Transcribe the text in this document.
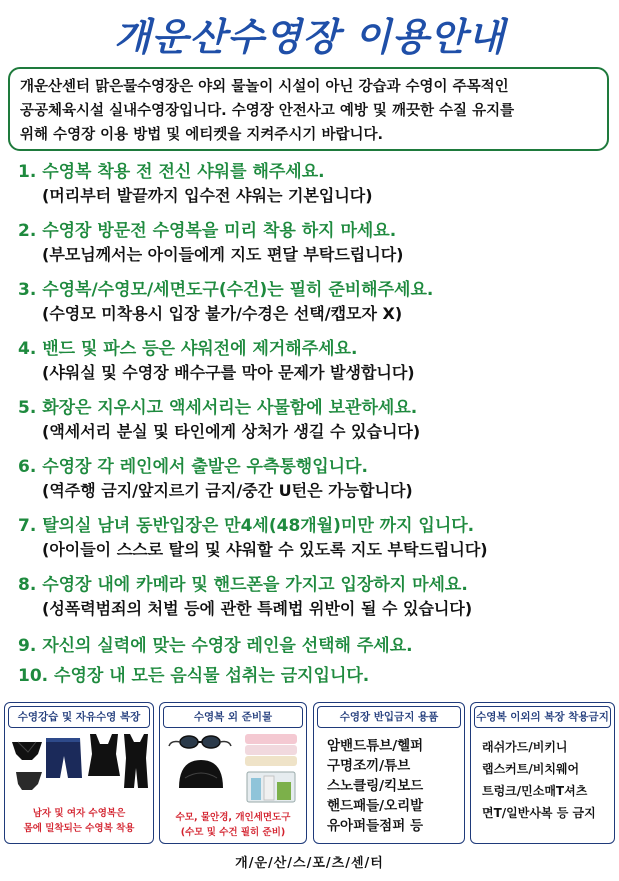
개운산수영장 이용안내
개운산센터 맑은물수영장은 야외 물놀이 시설이 아닌 강습과 수영이 주목적인
공공체육시설 실내수영장입니다. 수영장 안전사고 예방 및 깨끗한 수질 유지를
위해 수영장 이용 방법 및 에티켓을 지켜주시기 바랍니다.
1. 수영복 착용 전 전신 샤워를 해주세요.
(머리부터 발끝까지 입수전 샤워는 기본입니다)
2. 수영장 방문전 수영복을 미리 착용 하지 마세요.
(부모님께서는 아이들에게 지도 편달 부탁드립니다)
3. 수영복/수영모/세면도구(수건)는 필히 준비해주세요.
(수영모 미착용시 입장 불가/수경은 선택/캡모자 X)
4. 밴드 및 파스 등은 샤워전에 제거해주세요.
(샤워실 및 수영장 배수구를 막아 문제가 발생합니다)
5. 화장은 지우시고 액세서리는 사물함에 보관하세요.
(액세서리 분실 및 타인에게 상처가 생길 수 있습니다)
6. 수영장 각 레인에서 출발은 우측통행입니다.
(역주행 금지/앞지르기 금지/중간 U턴은 가능합니다)
7. 탈의실 남녀 동반입장은 만4세(48개월)미만 까지 입니다.
(아이들이 스스로 탈의 및 샤워할 수 있도록 지도 부탁드립니다)
8. 수영장 내에 카메라 및 핸드폰을 가지고 입장하지 마세요.
(성폭력범죄의 처벌 등에 관한 특례법 위반이 될 수 있습니다)
9. 자신의 실력에 맞는 수영장 레인을 선택해 주세요.
10. 수영장 내 모든 음식물 섭취는 금지입니다.
수영강습 및 자유수영 복장
남자 및 여자 수영복은
몸에 밀착되는 수영복 착용
수영복 외 준비물
수모, 물안경, 개인세면도구
(수모 및 수건 필히 준비)
수영장 반입금지 용품
암밴드튜브/헬퍼
구명조끼/튜브
스노클링/킥보드
핸드패들/오리발
유아퍼들점퍼 등
수영복 이외의 복장 착용금지
래쉬가드/비키니
랩스커트/비치웨어
트렁크/민소매T셔츠
면T/일반사복 등 금지
개/운/산/스/포/츠/센/터
